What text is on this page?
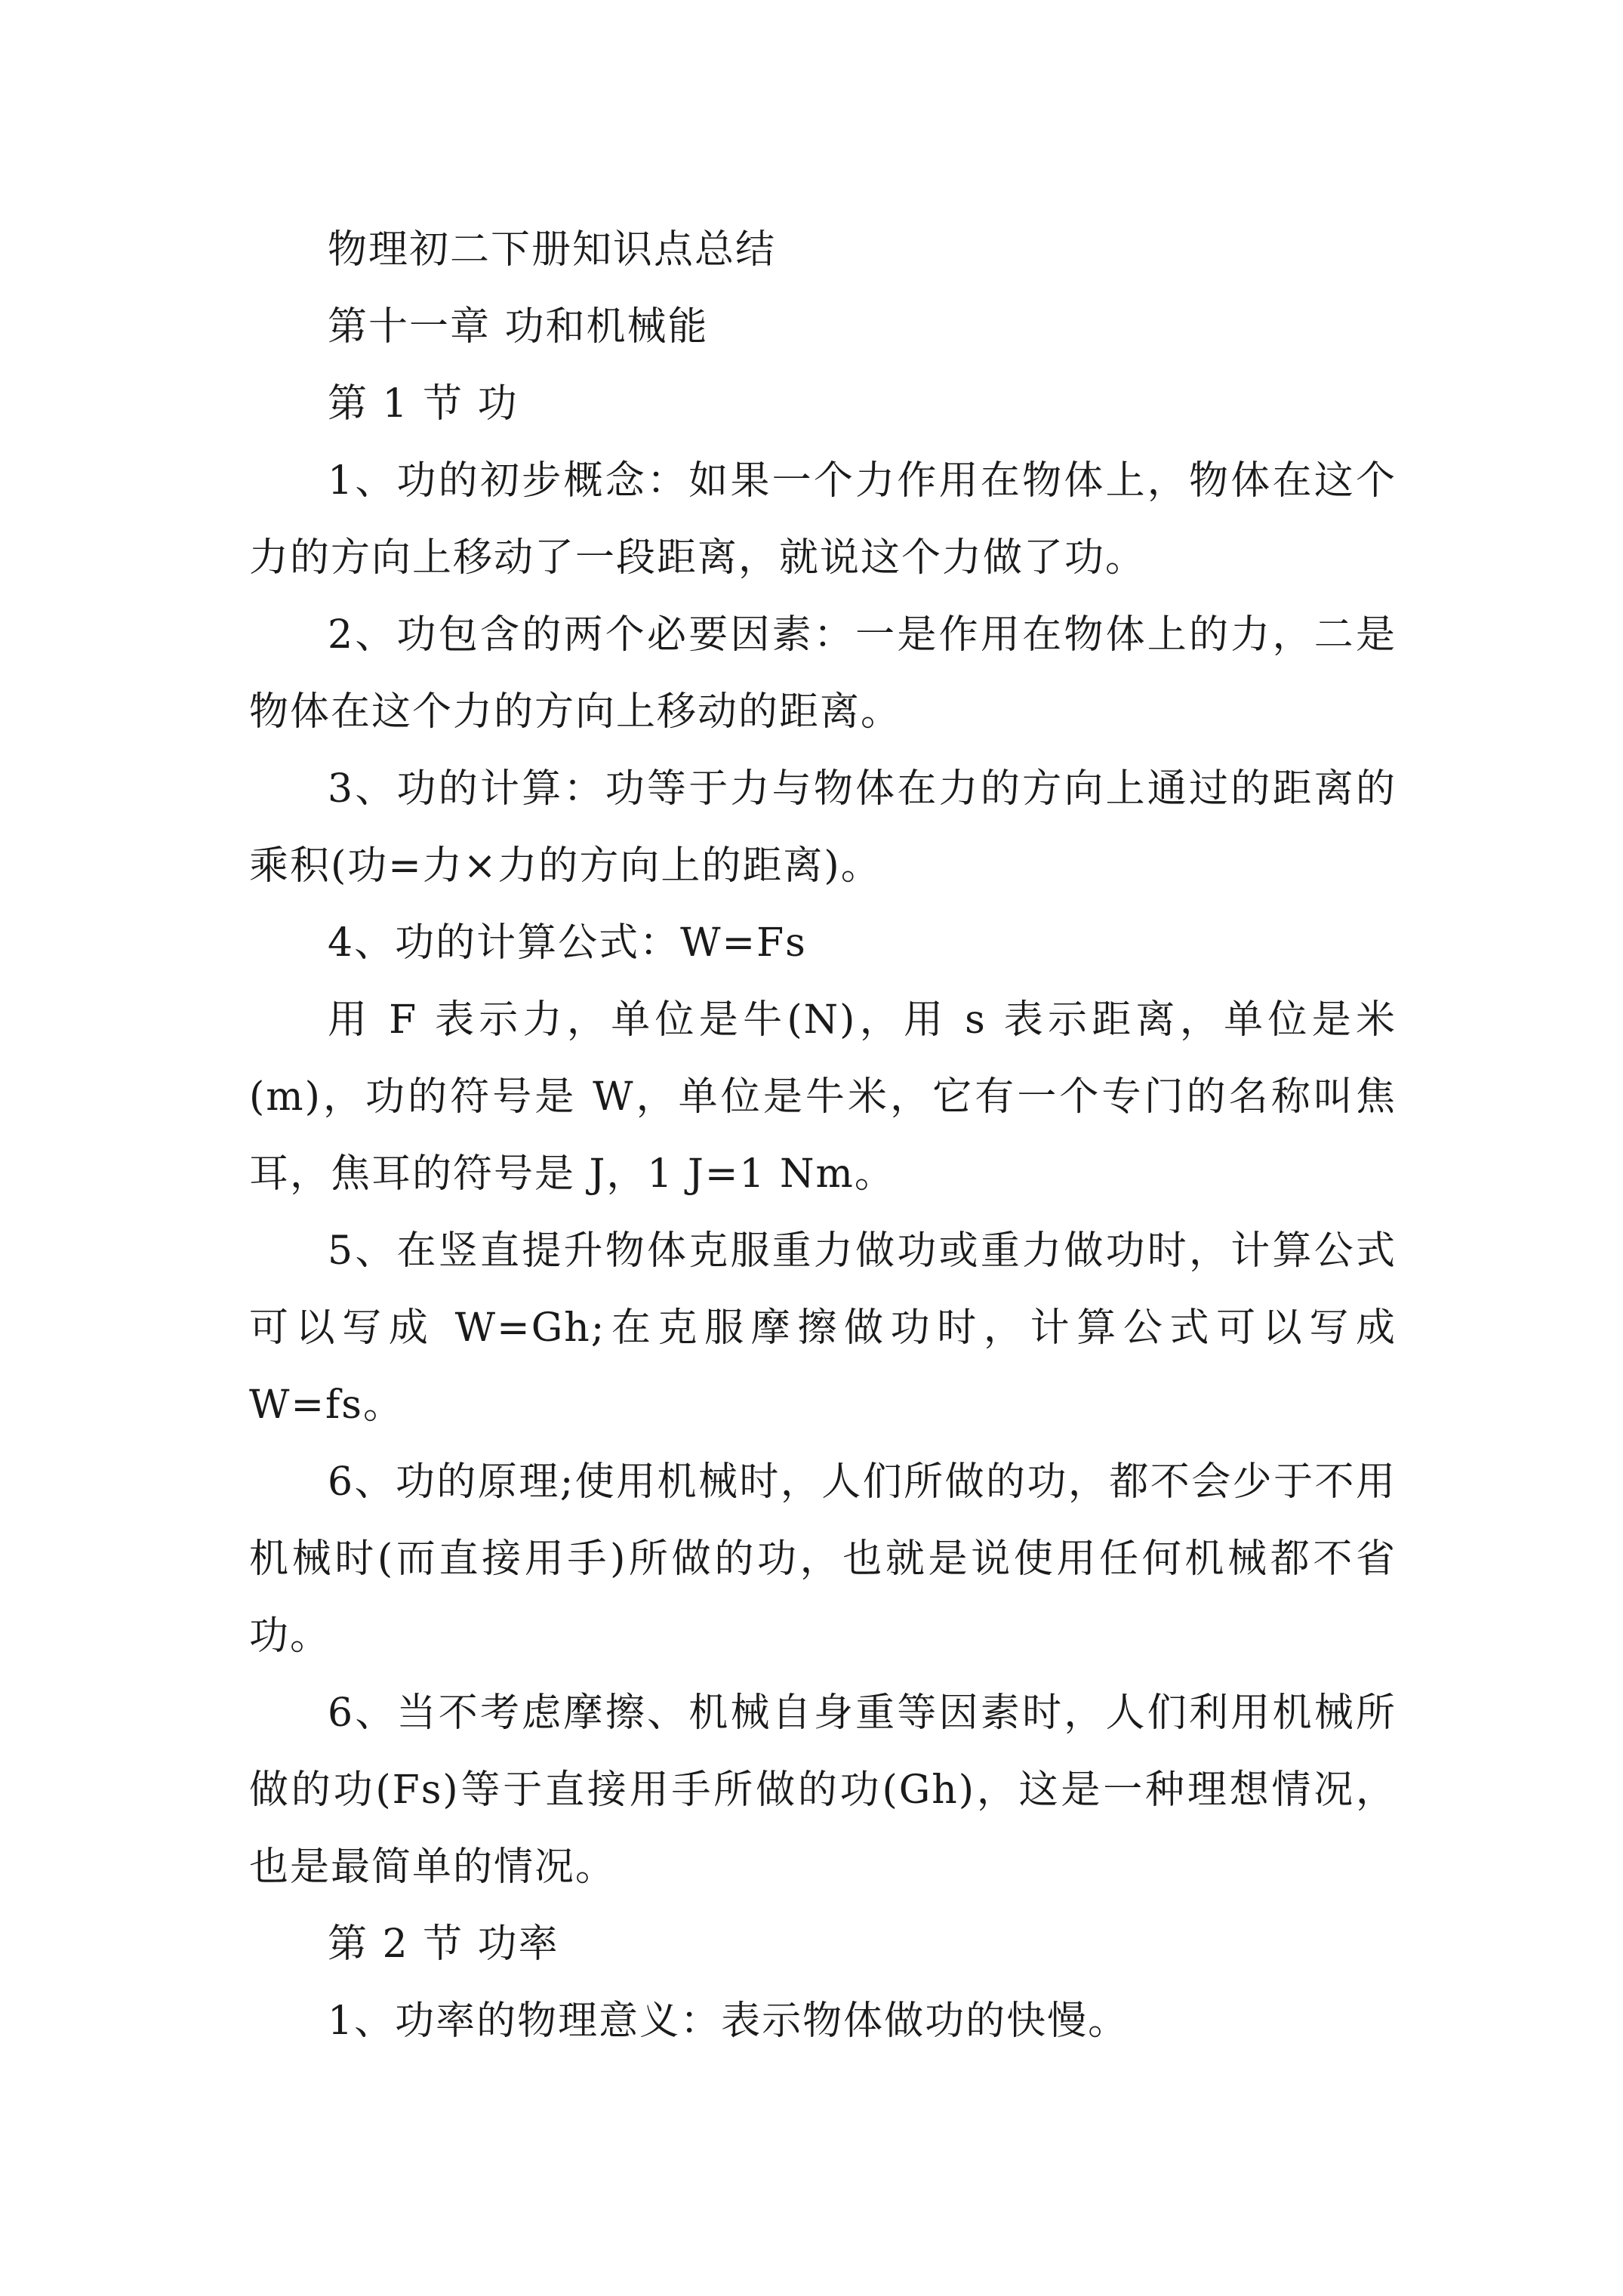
物理初二下册知识点总结

第十一章 功和机械能

第 1 节 功

1、功的初步概念：如果一个力作用在物体上，物体在这个力的方向上移动了一段距离，就说这个力做了功。

2、功包含的两个必要因素：一是作用在物体上的力，二是物体在这个力的方向上移动的距离。

3、功的计算：功等于力与物体在力的方向上通过的距离的乘积(功=力×力的方向上的距离)。

4、功的计算公式：W=Fs

用 F 表示力，单位是牛(N)，用 s 表示距离，单位是米(m)，功的符号是 W，单位是牛米，它有一个专门的名称叫焦耳，焦耳的符号是 J，1 J=1 Nm。

5、在竖直提升物体克服重力做功或重力做功时，计算公式可以写成 W=Gh;在克服摩擦做功时，计算公式可以写成 W=fs。

6、功的原理;使用机械时，人们所做的功，都不会少于不用机械时(而直接用手)所做的功，也就是说使用任何机械都不省功。

6、当不考虑摩擦、机械自身重等因素时，人们利用机械所做的功(Fs)等于直接用手所做的功(Gh)，这是一种理想情况，也是最简单的情况。

第 2 节 功率

1、功率的物理意义：表示物体做功的快慢。
